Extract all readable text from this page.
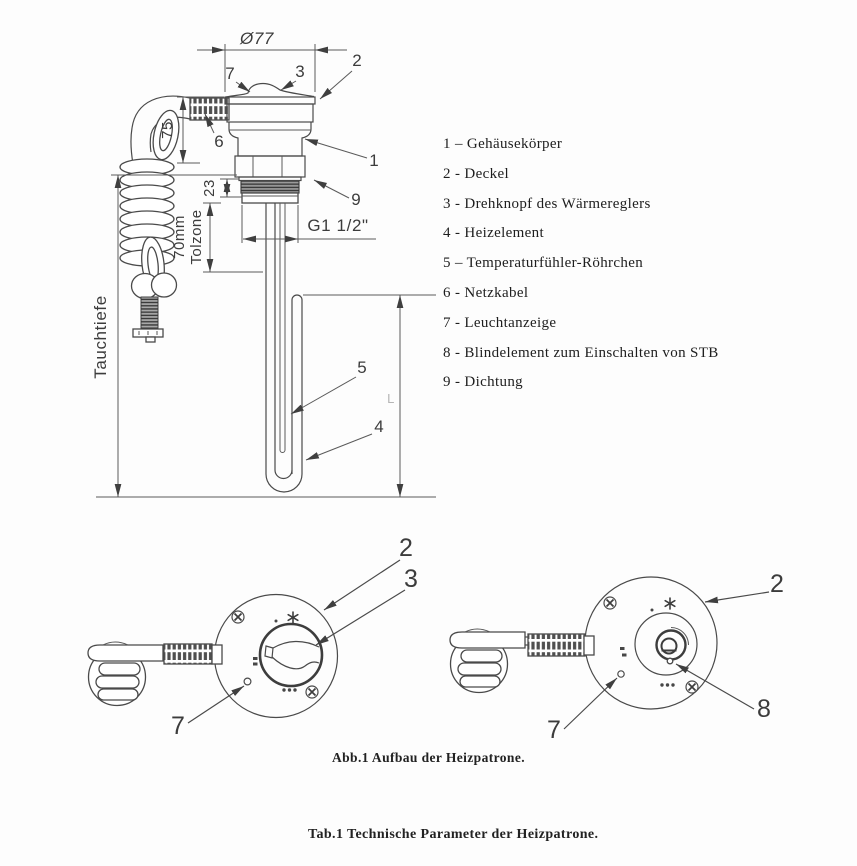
Ø77
75
23
70mm Tolzone
Tauchtiefe
G1 1/2"
L
7	3
2
6
1
9
5
4
2
3
7
2
7
8
1 – Gehäusekörper
2 - Deckel
3 - Drehknopf des Wärmereglers
4 - Heizelement
5 – Temperaturfühler-Röhrchen
6 - Netzkabel
7 - Leuchtanzeige
8 - Blindelement zum Einschalten von STB
9 - Dichtung
Abb.1 Aufbau der Heizpatrone.
Tab.1 Technische Parameter der Heizpatrone.
